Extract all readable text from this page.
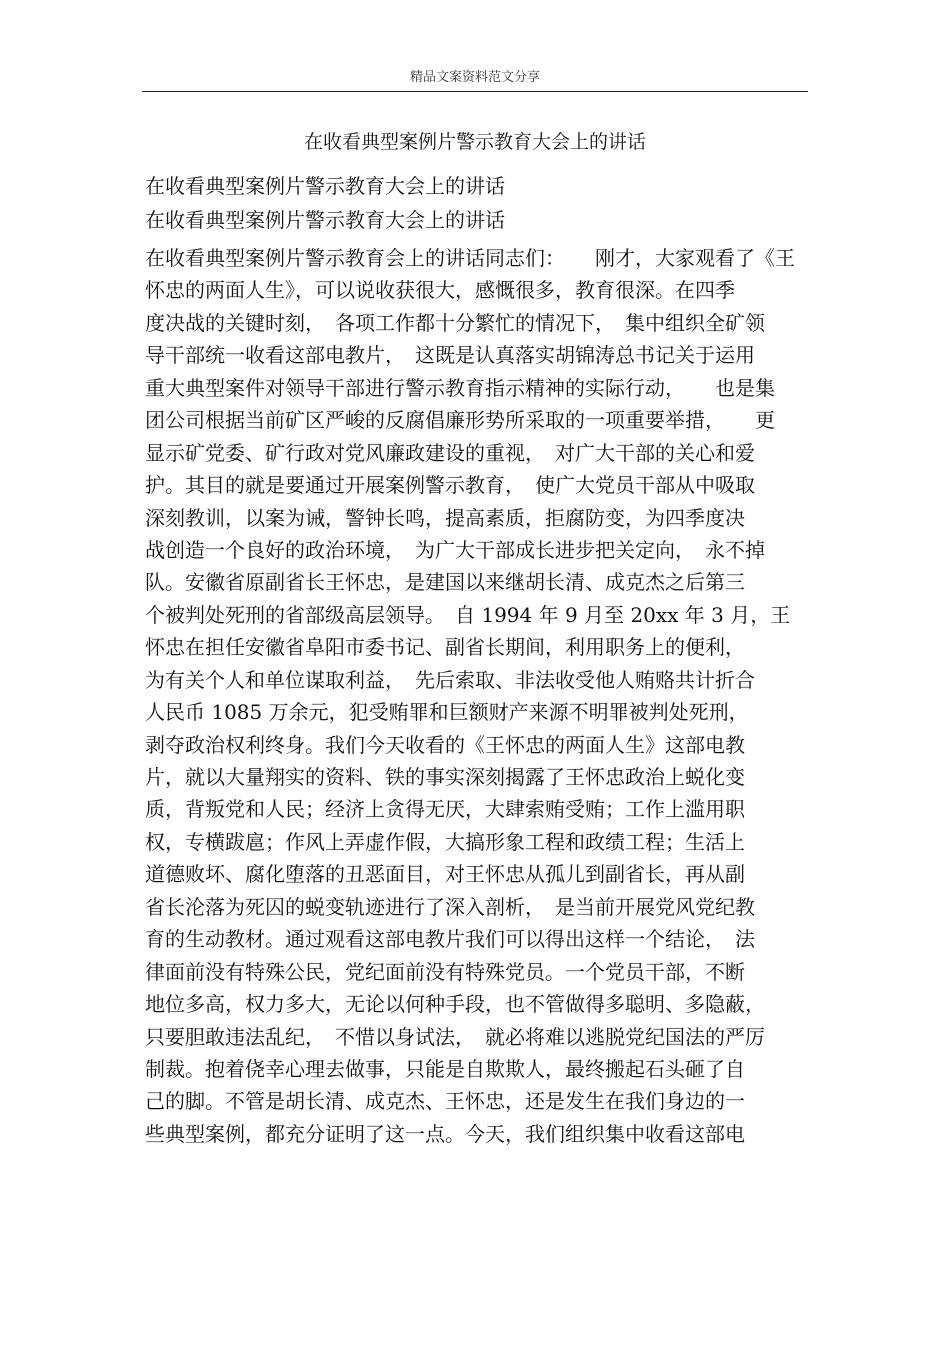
精品文案资料范文分享
在收看典型案例片警示教育大会上的讲话
在收看典型案例片警示教育大会上的讲话
在收看典型案例片警示教育大会上的讲话
在收看典型案例片警示教育会上的讲话同志们：　　刚才，大家观看了《王
怀忠的两面人生》，可以说收获很大，感慨很多，教育很深。在四季
度决战的关键时刻，　各项工作都十分繁忙的情况下，　集中组织全矿领
导干部统一收看这部电教片，　这既是认真落实胡锦涛总书记关于运用
重大典型案件对领导干部进行警示教育指示精神的实际行动，　　也是集
团公司根据当前矿区严峻的反腐倡廉形势所采取的一项重要举措，　　更
显示矿党委、矿行政对党风廉政建设的重视，　对广大干部的关心和爱
护。其目的就是要通过开展案例警示教育，　使广大党员干部从中吸取
深刻教训，以案为诫，警钟长鸣，提高素质，拒腐防变，为四季度决
战创造一个良好的政治环境，　为广大干部成长进步把关定向，　永不掉
队。安徽省原副省长王怀忠，是建国以来继胡长清、成克杰之后第三
个被判处死刑的省部级高层领导。　自 1994 年 9 月至 20xx 年 3 月，王
怀忠在担任安徽省阜阳市委书记、副省长期间，利用职务上的便利，
为有关个人和单位谋取利益，　先后索取、非法收受他人贿赂共计折合
人民币 1085 万余元，犯受贿罪和巨额财产来源不明罪被判处死刑，
剥夺政治权利终身。我们今天收看的《王怀忠的两面人生》这部电教
片，就以大量翔实的资料、铁的事实深刻揭露了王怀忠政治上蜕化变
质，背叛党和人民；经济上贪得无厌，大肆索贿受贿；工作上滥用职
权，专横跋扈；作风上弄虚作假，大搞形象工程和政绩工程；生活上
道德败坏、腐化堕落的丑恶面目，对王怀忠从孤儿到副省长，再从副
省长沦落为死囚的蜕变轨迹进行了深入剖析，　是当前开展党风党纪教
育的生动教材。通过观看这部电教片我们可以得出这样一个结论，　法
律面前没有特殊公民，党纪面前没有特殊党员。一个党员干部，不断
地位多高，权力多大，无论以何种手段，也不管做得多聪明、多隐蔽，
只要胆敢违法乱纪，　不惜以身试法，　就必将难以逃脱党纪国法的严厉
制裁。抱着侥幸心理去做事，只能是自欺欺人，最终搬起石头砸了自
己的脚。不管是胡长清、成克杰、王怀忠，还是发生在我们身边的一
些典型案例，都充分证明了这一点。今天，我们组织集中收看这部电
